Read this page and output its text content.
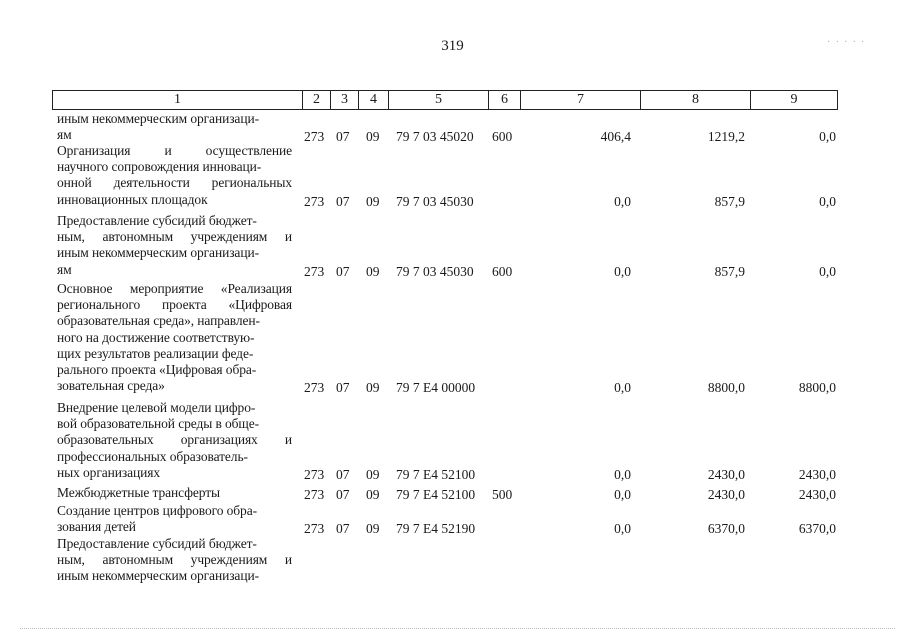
319	.....
1	2	3	4	5	6	7	8	9
иным некоммерческим организаци-
ям	273 07 09 79 7 03 45020 600	406,4	1219,2	0,0
Организация и осуществление
научного сопровождения инноваци-
онной деятельности региональных
инновационных площадок	273 07 09 79 7 03 45030	0,0	857,9	0,0
Предоставление субсидий бюджет-
ным, автономным учреждениям и
иным некоммерческим организаци-
ям	273 07 09 79 7 03 45030 600	0,0	857,9	0,0
Основное мероприятие «Реализация
регионального проекта «Цифровая
образовательная среда», направлен-
ного на достижение соответствую-
щих результатов реализации феде-
рального проекта «Цифровая обра-
зовательная среда»	273 07 09 79 7 E4 00000	0,0	8800,0	8800,0
Внедрение целевой модели цифро-
вой образовательной среды в обще-
образовательных организациях и
профессиональных образователь-
ных организациях	273 07 09 79 7 E4 52100	0,0	2430,0	2430,0
Межбюджетные трансферты	273 07 09 79 7 E4 52100 500	0,0	2430,0	2430,0
Создание центров цифрового обра-
зования детей	273 07 09 79 7 E4 52190	0,0	6370,0	6370,0
Предоставление субсидий бюджет-
ным, автономным учреждениям и
иным некоммерческим организаци-
